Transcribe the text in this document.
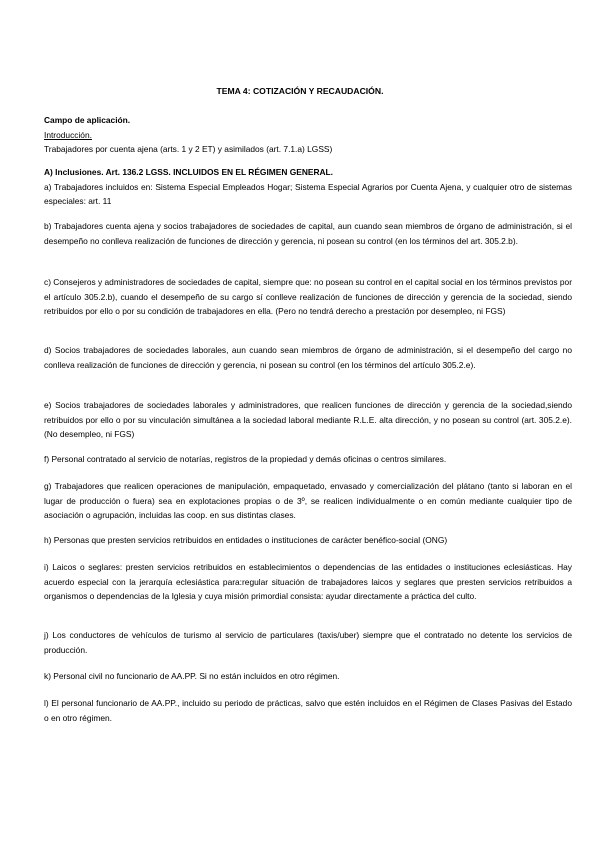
TEMA 4: COTIZACIÓN Y RECAUDACIÓN.

Campo de aplicación.

Introducción.

Trabajadores por cuenta ajena (arts. 1 y 2 ET) y asimilados (art. 7.1.a) LGSS)

A) Inclusiones. Art. 136.2 LGSS. INCLUIDOS EN EL RÉGIMEN GENERAL.

a) Trabajadores incluidos en: Sistema Especial Empleados Hogar; Sistema Especial Agrarios por Cuenta Ajena, y cualquier otro de sistemas especiales: art. 11

b) Trabajadores cuenta ajena y socios trabajadores de sociedades de capital, aun cuando sean miembros de órgano de administración, si el desempeño no conlleva realización de funciones de dirección y gerencia, ni posean su control (en los términos del art. 305.2.b).

c) Consejeros y administradores de sociedades de capital, siempre que: no posean su control en el capital social en los términos previstos por el artículo 305.2.b), cuando el desempeño de su cargo sí conlleve realización de funciones de dirección y gerencia de la sociedad, siendo retribuidos por ello o por su condición de trabajadores en ella. (Pero no tendrá derecho a prestación por desempleo, ni FGS)

d) Socios trabajadores de sociedades laborales, aun cuando sean miembros de órgano de administración, si el desempeño del cargo no conlleva realización de funciones de dirección y gerencia, ni posean su control (en los términos del artículo 305.2.e).

e) Socios trabajadores de sociedades laborales y administradores, que realicen funciones de dirección y gerencia de la sociedad,siendo retribuidos por ello o por su vinculación simultánea a la sociedad laboral mediante R.L.E. alta dirección, y no posean su control (art. 305.2.e). (No desempleo, ni FGS)

f) Personal contratado al servicio de notarías, registros de la propiedad y demás oficinas o centros similares.

g) Trabajadores que realicen operaciones de manipulación, empaquetado, envasado y comercialización del plátano (tanto si laboran en el lugar de producción o fuera) sea en explotaciones propias o de 3º, se realicen individualmente o en común mediante cualquier tipo de asociación o agrupación, incluidas las coop. en sus distintas clases.

h) Personas que presten servicios retribuidos en entidades o instituciones de carácter benéfico-social (ONG)

i) Laicos o seglares: presten servicios retribuidos en establecimientos o dependencias de las entidades o instituciones eclesiásticas. Hay acuerdo especial con la jerarquía eclesiástica para:regular situación de trabajadores laicos y seglares que presten servicios retribuidos a organismos o dependencias de la Iglesia y cuya misión primordial consista: ayudar directamente a práctica del culto.

j) Los conductores de vehículos de turismo al servicio de particulares (taxis/uber) siempre que el contratado no detente los servicios de producción.

k) Personal civil no funcionario de AA.PP. Si no están incluidos en otro régimen.

l) El personal funcionario de AA.PP., incluido su periodo de prácticas, salvo que estén incluidos en el Régimen de Clases Pasivas del Estado o en otro régimen.
